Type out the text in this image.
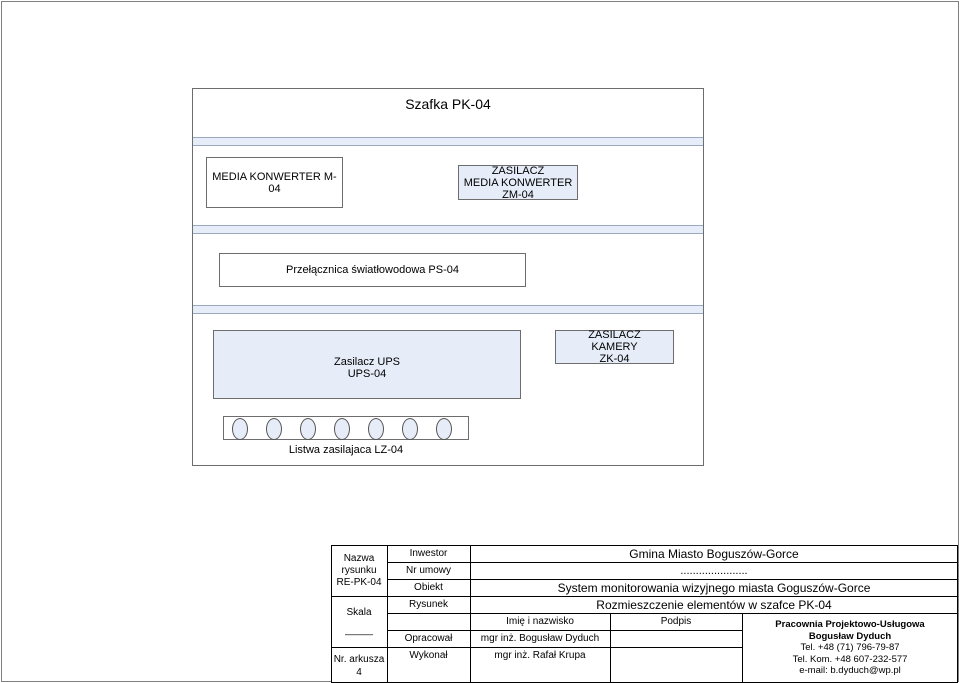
Szafka PK-04
MEDIA KONWERTER M-04
ZASILACZ
MEDIA KONWERTER
ZM-04
Przełącznica światłowodowa PS-04
Zasilacz UPS
UPS-04
ZASILACZ
KAMERY
ZK-04
Listwa zasilajaca LZ-04
Nazwa
rysunku
RE-PK-04
Skala
_____
Nr. arkusza
4
Inwestor
Nr umowy
Obiekt
Rysunek
Opracował
Wykonał
Gmina Miasto Boguszów-Gorce
......................
System monitorowania wizyjnego miasta Goguszów-Gorce
Rozmieszczenie elementów w szafce PK-04
Imię i nazwisko	Podpis
mgr inż. Bogusław Dyduch
mgr inż. Rafał Krupa
Pracownia Projektowo-Usługowa
Bogusław Dyduch
Tel. +48 (71) 796-79-87
Tel. Kom. +48 607-232-577
e-mail: b.dyduch@wp.pl
